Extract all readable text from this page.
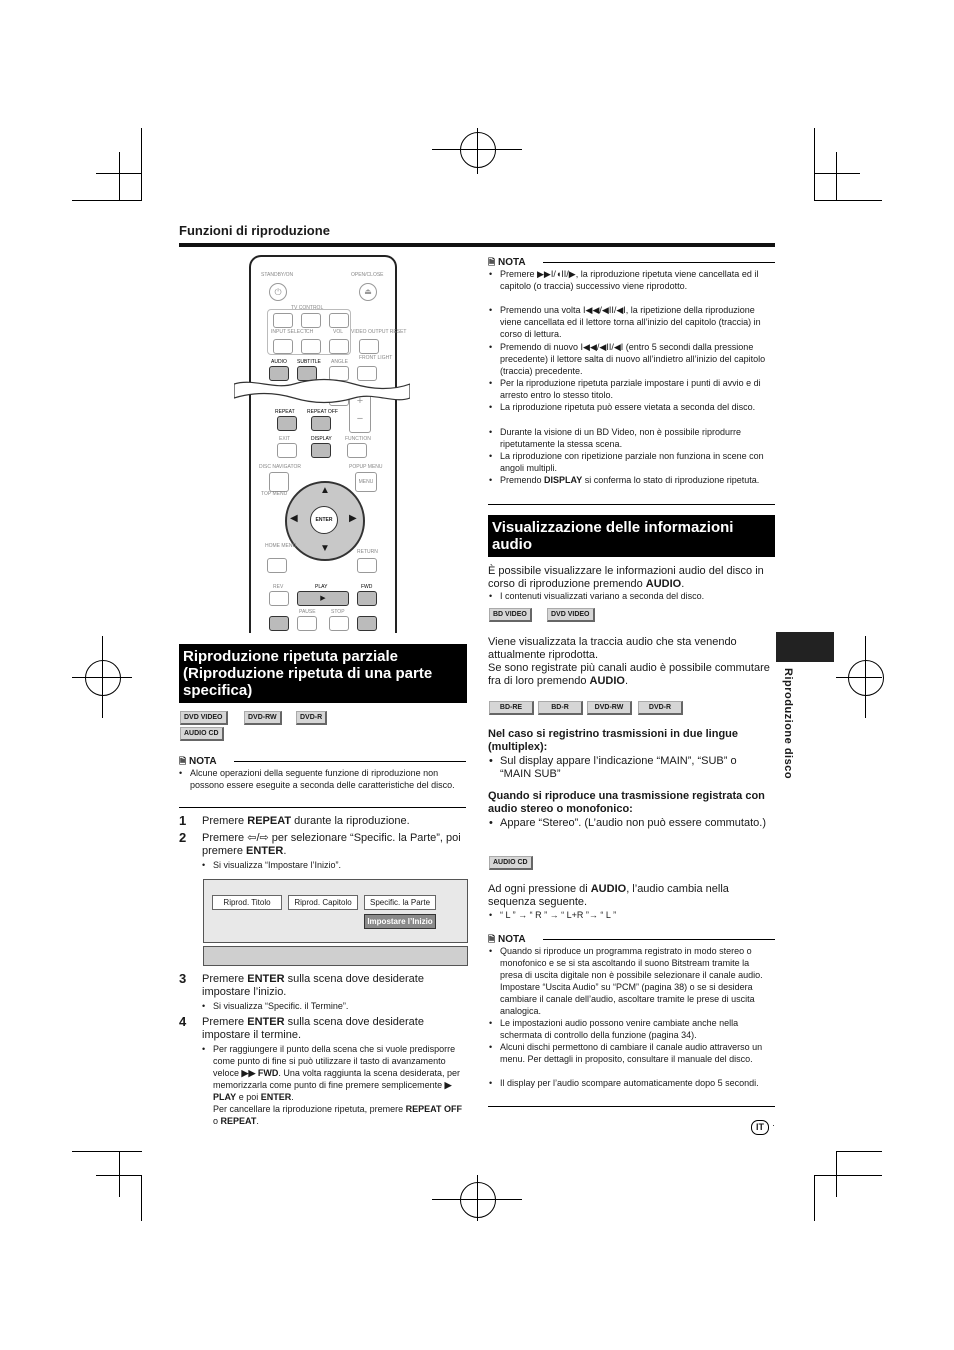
Funzioni di riproduzione
STANDBY/ON	OPEN/CLOSE
⏻	⏏
TV CONTROL
INPUT SELECT CH	VOL VIDEO OUTPUT RESET
AUDIO SUBTITLE ANGLE
FRONT LIGHT
+
−
REPEAT REPEAT OFF
EXIT	DISPLAY	FUNCTION
DISC NAVIGATOR	POPUP MENU
MENU
TOP MENU	▲
▼
◀	▶
ENTER
HOME MENU
RETURN
REV	PLAY	FWD
▶
PAUSE	STOP
Riproduzione ripetuta parziale (Riproduzione ripetuta di una parte specifica)
DVD VIDEO	DVD-RW	DVD-R
AUDIO CD
🗎 NOTA
• Alcune operazioni della seguente funzione di riproduzione non possono essere eseguite a seconda delle caratteristiche del disco.
1 Premere REPEAT durante la riproduzione.
2 Premere ⇦/⇨ per selezionare “Specific. la Parte”, poi premere ENTER.
• Si visualizza “Impostare l’Inizio”.
Riprod. Titolo	Riprod. Capitolo	Specific. la Parte
Impostare l’Inizio
3 Premere ENTER sulla scena dove desiderate impostare l’inizio.
• Si visualizza “Specific. il Termine”.
4 Premere ENTER sulla scena dove desiderate impostare il termine.
• Per raggiungere il punto della scena che si vuole predisporre come punto di fine si può utilizzare il tasto di avanzamento veloce ▶▶ FWD. Una volta raggiunta la scena desiderata, per memorizzarla come punto di fine premere semplicemente ▶ PLAY e poi ENTER.
Per cancellare la riproduzione ripetuta, premere REPEAT OFF o REPEAT.
🗎 NOTA
• Premere ▶▶I/◖II/▶, la riproduzione ripetuta viene cancellata ed il capitolo (o traccia) successivo viene riprodotto.
• Premendo una volta I◀◀/◀II/◀I, la ripetizione della riproduzione viene cancellata ed il lettore torna all’inizio del capitolo (traccia) in corso di lettura.
• Premendo di nuovo I◀◀/◀II/◀I (entro 5 secondi dalla pressione precedente) il lettore salta di nuovo all’indietro all’inizio del capitolo (traccia) precedente.
• Per la riproduzione ripetuta parziale impostare i punti di avvio e di arresto entro lo stesso titolo.
• La riproduzione ripetuta può essere vietata a seconda del disco.
• Durante la visione di un BD Video, non è possibile riprodurre ripetutamente la stessa scena.
• La riproduzione con ripetizione parziale non funziona in scene con angoli multipli.
• Premendo DISPLAY si conferma lo stato di riproduzione ripetuta.
Visualizzazione delle informazioni audio
È possibile visualizzare le informazioni audio del disco in corso di riproduzione premendo AUDIO.
• I contenuti visualizzati variano a seconda del disco.
BD VIDEO	DVD VIDEO
Viene visualizzata la traccia audio che sta venendo attualmente riprodotta.
Se sono registrate più canali audio è possibile commutare fra di loro premendo AUDIO.
BD-RE	BD-R	DVD-RW	DVD-R
Nel caso si registrino trasmissioni in due lingue (multiplex):
• Sul display appare l’indicazione “MAIN”, “SUB” o “MAIN SUB”
Quando si riproduce una trasmissione registrata con audio stereo o monofonico:
• Appare “Stereo”. (L’audio non può essere commutato.)
AUDIO CD
Ad ogni pressione di AUDIO, l’audio cambia nella sequenza seguente.
• “ L ” → “ R ” → “ L+R ”→ “ L ”
🗎 NOTA
• Quando si riproduce un programma registrato in modo stereo o monofonico e se si sta ascoltando il suono Bitstream tramite la presa di uscita digitale non è possibile selezionare il canale audio. Impostare “Uscita Audio” su “PCM” (pagina 38) o se si desidera cambiare il canale dell’audio, ascoltare tramite le prese di uscita analogica.
• Le impostazioni audio possono venire cambiate anche nella schermata di controllo della funzione (pagina 34).
• Alcuni dischi permettono di cambiare il canale audio attraverso un menu. Per dettagli in proposito, consultare il manuale del disco.
• Il display per l’audio scompare automaticamente dopo 5 secondi.
Riproduzione disco
IT ·
